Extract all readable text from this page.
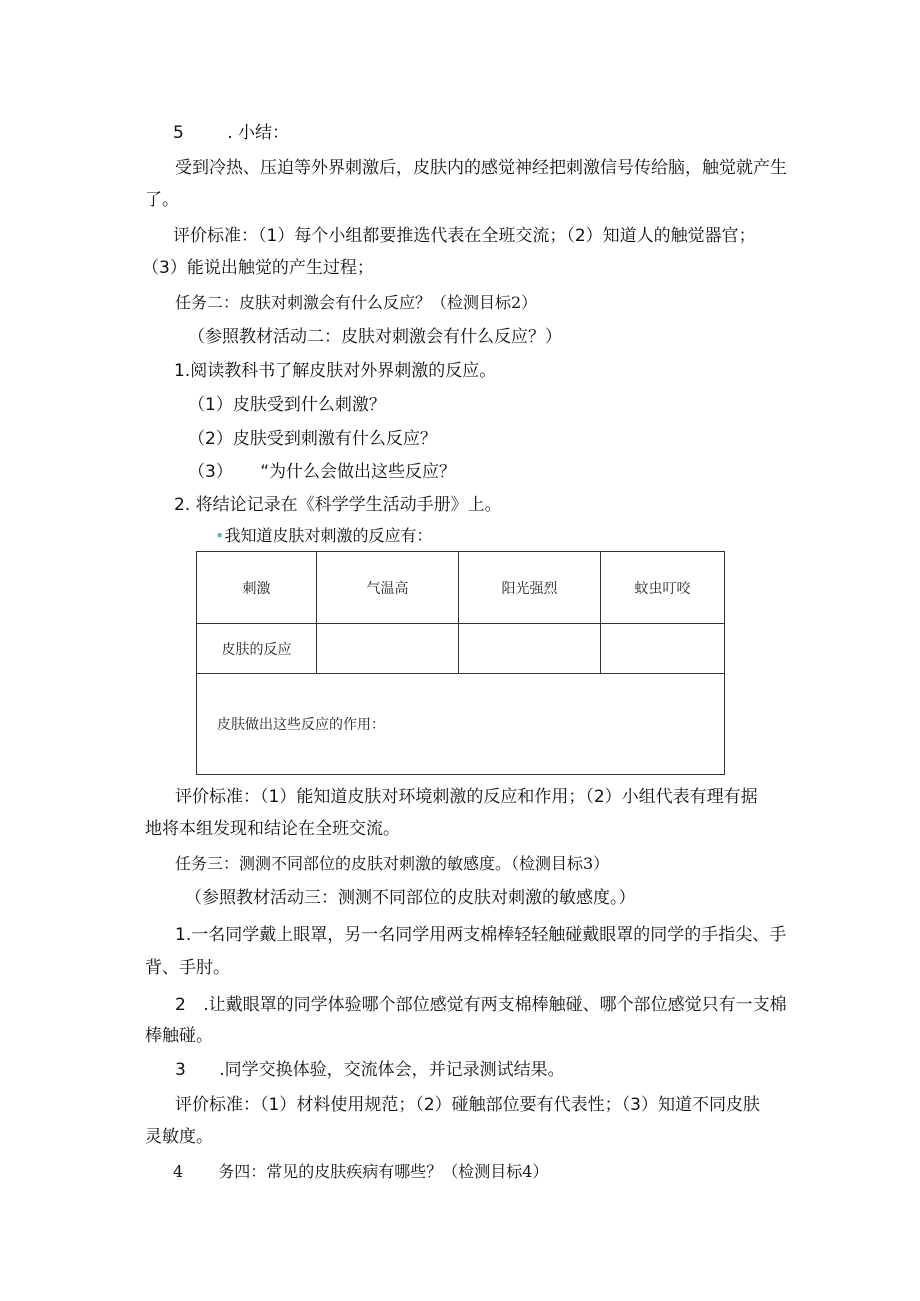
5	. 小结：
受到冷热、压迫等外界刺激后，皮肤内的感觉神经把刺激信号传给脑，触觉就产生
了。
评价标准：（1）每个小组都要推选代表在全班交流；（2）知道人的触觉器官；
（3）能说出触觉的产生过程；
任务二：皮肤对刺激会有什么反应？（检测目标2）
（参照教材活动二：皮肤对刺激会有什么反应？）
1.阅读教科书了解皮肤对外界刺激的反应。
（1）皮肤受到什么刺激？
（2）皮肤受到刺激有什么反应？
（3） “为什么会做出这些反应？
2. 将结论记录在《科学学生活动手册》上。
•我知道皮肤对刺激的反应有：
刺激	气温高	阳光强烈	蚊虫叮咬
皮肤的反应			
皮肤做出这些反应的作用：			
评价标准：（1）能知道皮肤对环境刺激的反应和作用；（2）小组代表有理有据
地将本组发现和结论在全班交流。
任务三：测测不同部位的皮肤对刺激的敏感度。（检测目标3）
（参照教材活动三：测测不同部位的皮肤对刺激的敏感度。）
1.一名同学戴上眼罩，另一名同学用两支棉棒轻轻触碰戴眼罩的同学的手指尖、手
背、手肘。
2 .让戴眼罩的同学体验哪个部位感觉有两支棉棒触碰、哪个部位感觉只有一支棉
棒触碰。
3 .同学交换体验，交流体会，并记录测试结果。
评价标准：（1）材料使用规范；（2）碰触部位要有代表性；（3）知道不同皮肤
灵敏度。
4 务四：常见的皮肤疾病有哪些？（检测目标4）
